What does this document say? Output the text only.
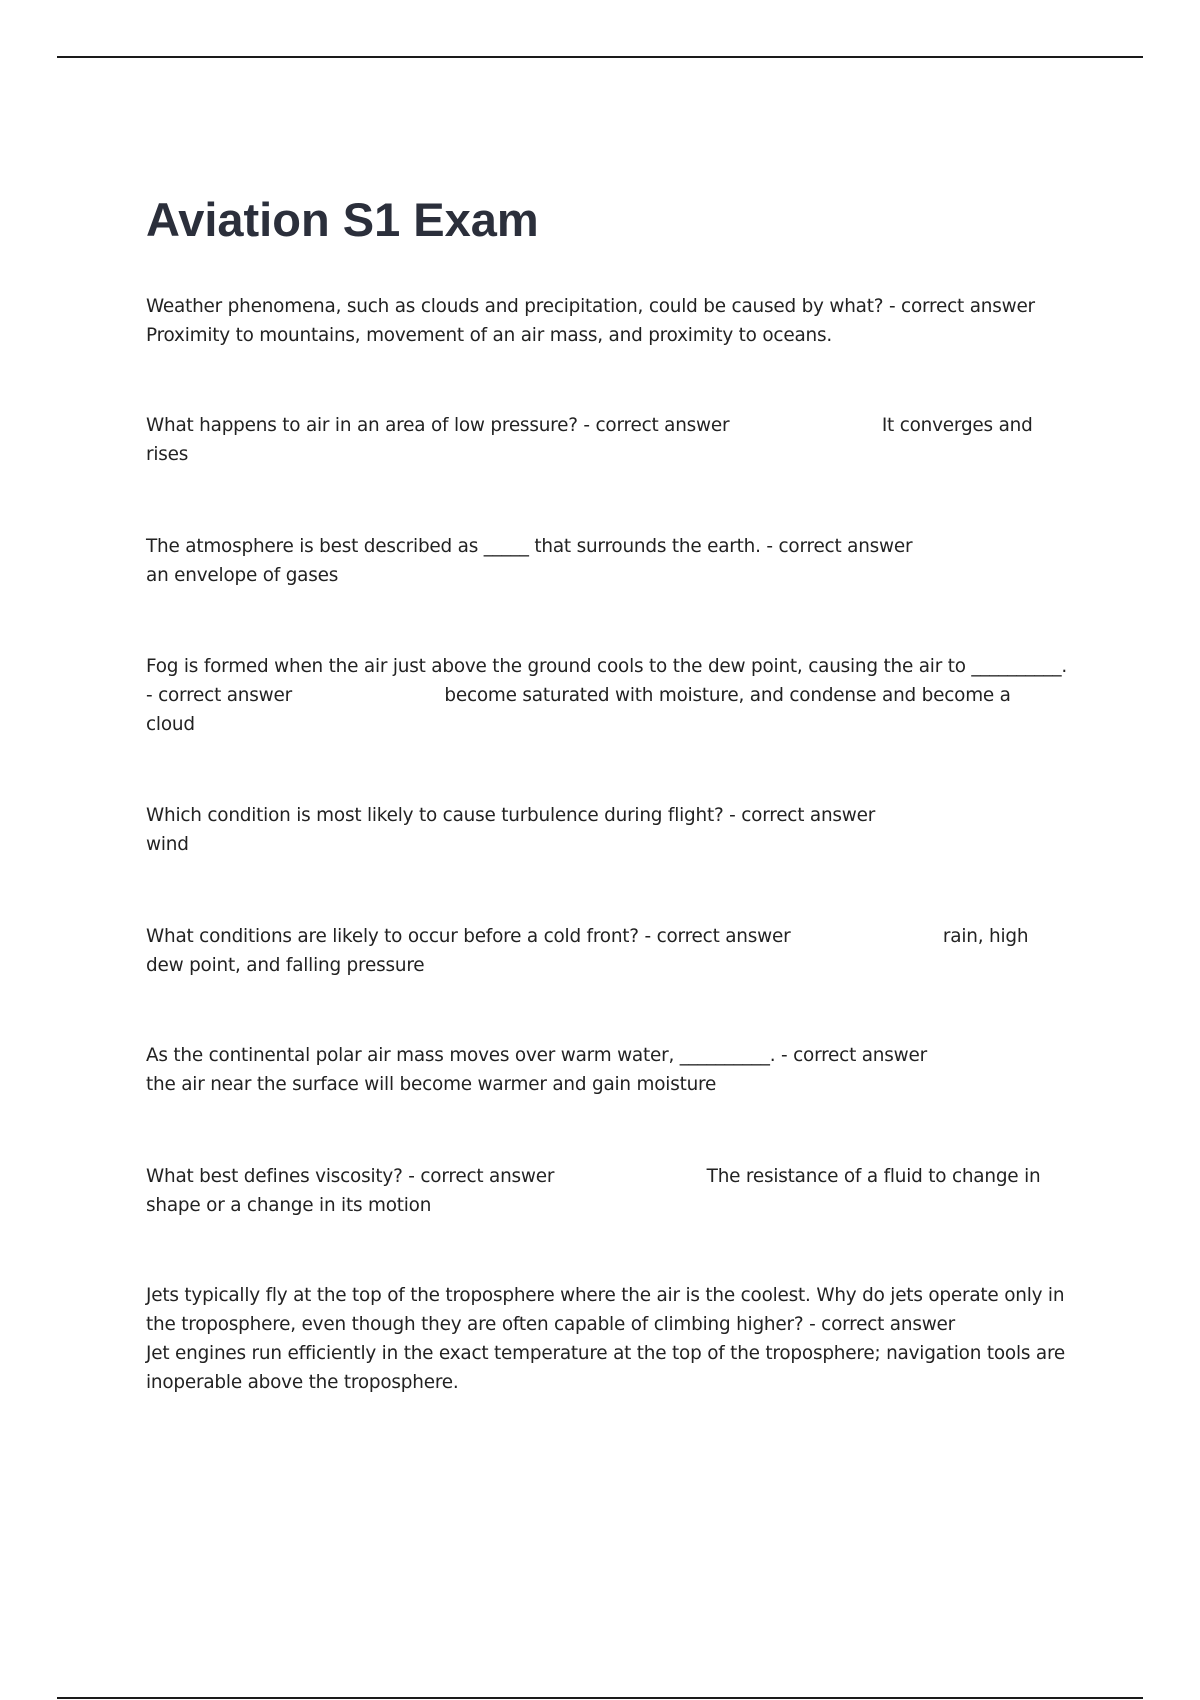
Aviation S1 Exam
Weather phenomena, such as clouds and precipitation, could be caused by what? - correct answer
Proximity to mountains, movement of an air mass, and proximity to oceans.
What happens to air in an area of low pressure? - correct answer                           It converges and
rises
The atmosphere is best described as _____ that surrounds the earth. - correct answer
an envelope of gases
Fog is formed when the air just above the ground cools to the dew point, causing the air to __________.
- correct answer                           become saturated with moisture, and condense and become a
cloud
Which condition is most likely to cause turbulence during flight? - correct answer
wind
What conditions are likely to occur before a cold front? - correct answer                           rain, high
dew point, and falling pressure
As the continental polar air mass moves over warm water, __________. - correct answer
the air near the surface will become warmer and gain moisture
What best defines viscosity? - correct answer                           The resistance of a fluid to change in
shape or a change in its motion
Jets typically fly at the top of the troposphere where the air is the coolest. Why do jets operate only in
the troposphere, even though they are often capable of climbing higher? - correct answer
Jet engines run efficiently in the exact temperature at the top of the troposphere; navigation tools are
inoperable above the troposphere.
